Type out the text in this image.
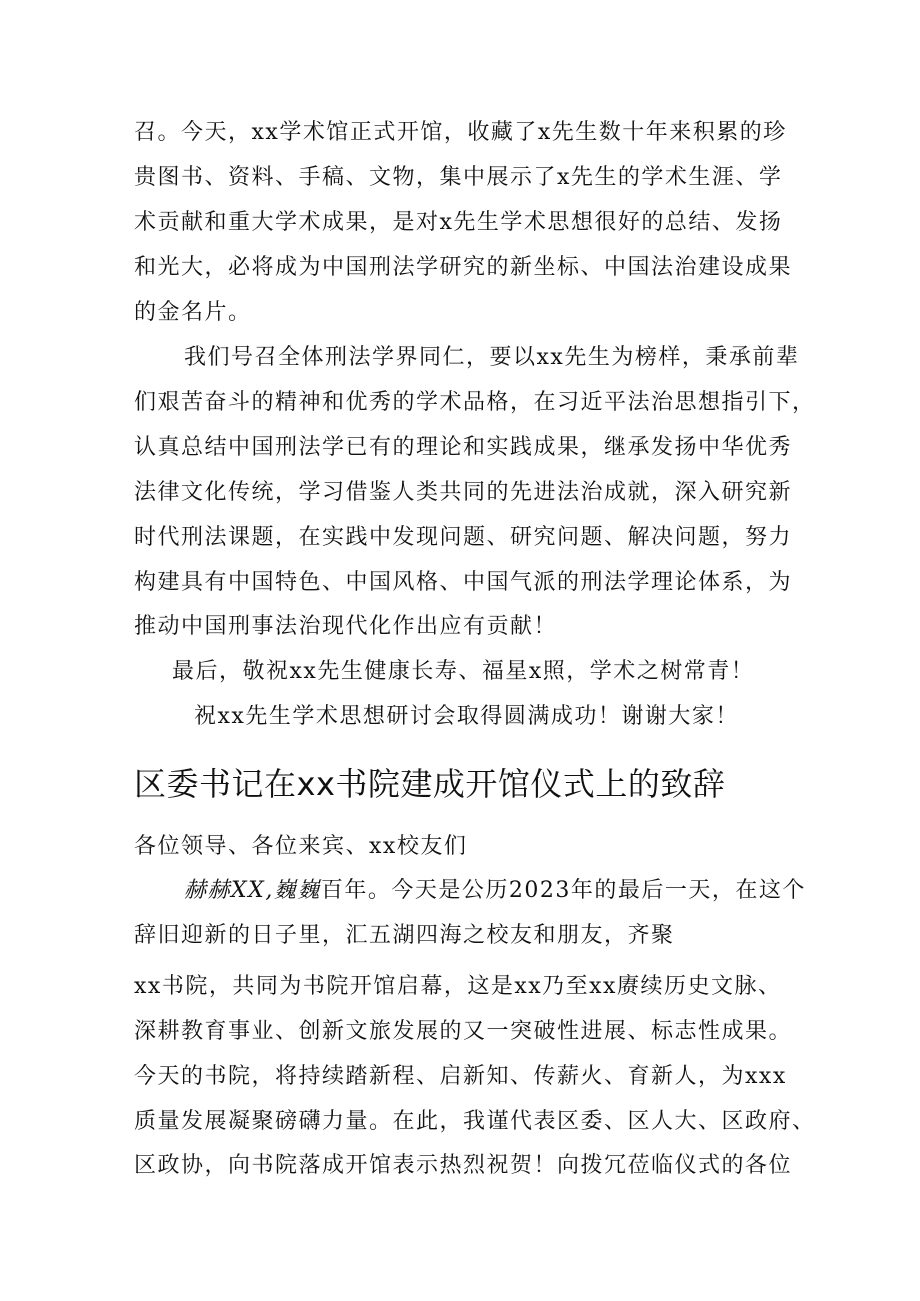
召。今天，xx学术馆正式开馆，收藏了x先生数十年来积累的珍
贵图书、资料、手稿、文物，集中展示了x先生的学术生涯、学
术贡献和重大学术成果，是对x先生学术思想很好的总结、发扬
和光大，必将成为中国刑法学研究的新坐标、中国法治建设成果
的金名片。
我们号召全体刑法学界同仁，要以xx先生为榜样，秉承前辈
们艰苦奋斗的精神和优秀的学术品格，在习近平法治思想指引下，
认真总结中国刑法学已有的理论和实践成果，继承发扬中华优秀
法律文化传统，学习借鉴人类共同的先进法治成就，深入研究新
时代刑法课题，在实践中发现问题、研究问题、解决问题，努力
构建具有中国特色、中国风格、中国气派的刑法学理论体系，为
推动中国刑事法治现代化作出应有贡献！
最后，敬祝xx先生健康长寿、福星x照，学术之树常青！
祝xx先生学术思想研讨会取得圆满成功！谢谢大家！
区委书记在xx书院建成开馆仪式上的致辞
各位领导、各位来宾、xx校友们
赫赫XX,巍巍百年。今天是公历2023年的最后一天，在这个
辞旧迎新的日子里，汇五湖四海之校友和朋友，齐聚
xx书院，共同为书院开馆启幕，这是xx乃至xx赓续历史文脉、
深耕教育事业、创新文旅发展的又一突破性进展、标志性成果。
今天的书院，将持续踏新程、启新知、传薪火、育新人，为xxx
质量发展凝聚磅礴力量。在此，我谨代表区委、区人大、区政府、
区政协，向书院落成开馆表示热烈祝贺！向拨冗莅临仪式的各位
